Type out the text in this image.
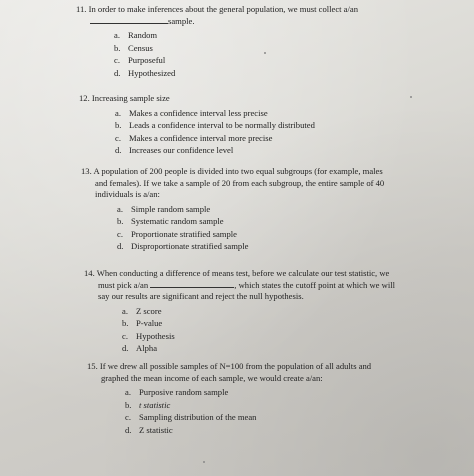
11. In order to make inferences about the general population, we must collect a/an
sample.
a. Random
b. Census
c. Purposeful
d. Hypothesized
12. Increasing sample size
a. Makes a confidence interval less precise
b. Leads a confidence interval to be normally distributed
c. Makes a confidence interval more precise
d. Increases our confidence level
13. A population of 200 people is divided into two equal subgroups (for example, males
and females). If we take a sample of 20 from each subgroup, the entire sample of 40
individuals is a/an:
a. Simple random sample
b. Systematic random sample
c. Proportionate stratified sample
d. Disproportionate stratified sample
14. When conducting a difference of means test, before we calculate our test statistic, we
must pick a/an	, which states the cutoff point at which we will
say our results are significant and reject the null hypothesis.
a. Z score
b. P-value
c. Hypothesis
d. Alpha
15. If we drew all possible samples of N=100 from the population of all adults and
graphed the mean income of each sample, we would create a/an:
a. Purposive random sample
b. t statistic
c. Sampling distribution of the mean
d. Z statistic
